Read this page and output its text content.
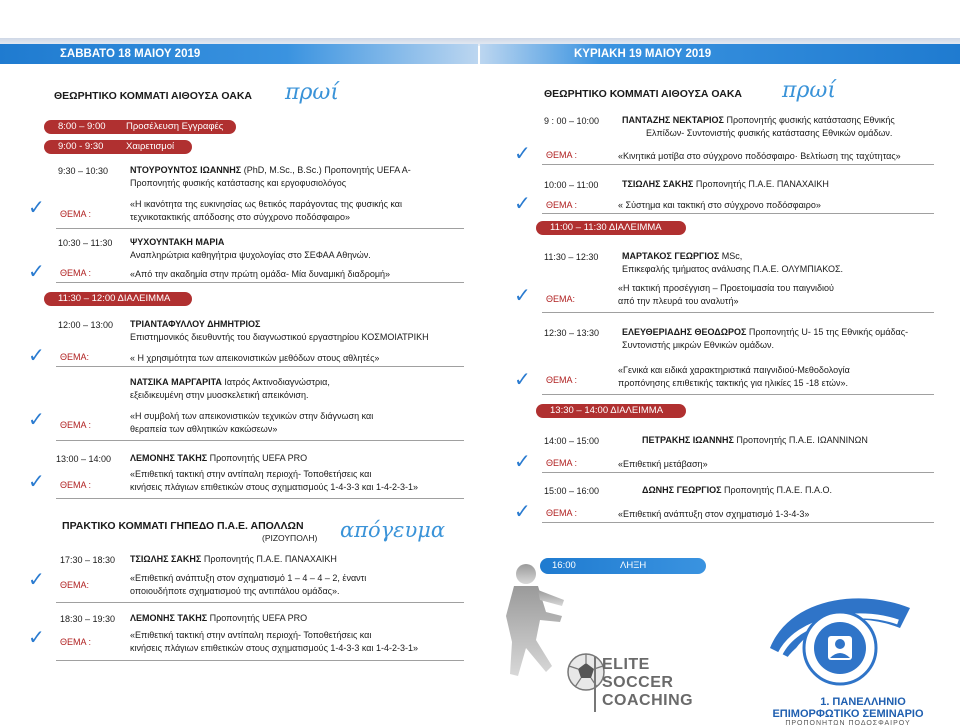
ΣΑΒΒΑΤΟ 18 ΜΑΙΟΥ 2019	ΚΥΡΙΑΚΗ 19 ΜΑΙΟΥ 2019
ΘΕΩΡΗΤΙΚΟ ΚΟΜΜΑΤΙ ΑΙΘΟΥΣΑ ΟΑΚΑ πρωί
8:00 – 9:00 Προσέλευση Εγγραφές
9:00 - 9:30 Χαιρετισμοί
9:30 – 10:30 ΝΤΟΥΡΟΥΝΤΟΣ ΙΩΑΝΝΗΣ (PhD, M.Sc., B.Sc.) Προπονητής UEFA A-
Προπονητής φυσικής κατάστασης και εργοφυσιολόγος
✓ ΘΕΜΑ :
«Η ικανότητα της ευκινησίας ως θετικός παράγοντας της φυσικής και
τεχνικοτακτικής απόδοσης στο σύγχρονο ποδόσφαιρο»
10:30 – 11:30 ΨΥΧΟΥΝΤΑΚΗ ΜΑΡΙΑ
Αναπληρώτρια καθηγήτρια ψυχολογίας στο ΣΕΦΑΑ Αθηνών.
✓ ΘΕΜΑ :	«Από την ακαδημία στην πρώτη ομάδα- Μία δυναμική διαδρομή»
11:30 – 12:00 ΔΙΑΛΕΙΜΜΑ
12:00 – 13:00 ΤΡΙΑΝΤΑΦΥΛΛΟΥ ΔΗΜΗΤΡΙΟΣ
Επιστημονικός διευθυντής του διαγνωστικού εργαστηρίου ΚΟΣΜΟΙΑΤΡΙΚΗ
✓ ΘΕΜΑ:	« Η χρησιμότητα των απεικονιστικών μεθόδων στους αθλητές»
ΝΑΤΣΙΚΑ ΜΑΡΓΑΡΙΤΑ Ιατρός Ακτινοδιαγνώστρια,
εξειδικευμένη στην μυοσκελετική απεικόνιση.
✓ ΘΕΜΑ :
«Η συμβολή των απεικονιστικών τεχνικών στην διάγνωση και
θεραπεία των αθλητικών κακώσεων»
13:00 – 14:00 ΛΕΜΟΝΗΣ ΤΑΚΗΣ Προπονητής UEFA PRO
✓ ΘΕΜΑ :
«Επιθετική τακτική στην αντίπαλη περιοχή- Τοποθετήσεις και
κινήσεις πλάγιων επιθετικών στους σχηματισμούς 1-4-3-3 και 1-4-2-3-1»
ΠΡΑΚΤΙΚΟ ΚΟΜΜΑΤΙ ΓΗΠΕΔΟ Π.Α.Ε. ΑΠΟΛΛΩΝ
(ΡΙΖΟΥΠΟΛΗ) απόγευμα
17:30 – 18:30 ΤΣΙΩΛΗΣ ΣΑΚΗΣ Προπονητής Π.Α.Ε. ΠΑΝΑΧΑΙΚΗ
✓ ΘΕΜΑ:
«Επιθετική ανάπτυξη στον σχηματισμό 1 – 4 – 4 – 2, έναντι
οποιουδήποτε σχηματισμού της αντιπάλου ομάδας».
18:30 – 19:30 ΛΕΜΟΝΗΣ ΤΑΚΗΣ Προπονητής UEFA PRO
✓ ΘΕΜΑ :
«Επιθετική τακτική στην αντίπαλη περιοχή- Τοποθετήσεις και
κινήσεις πλάγιων επιθετικών στους σχηματισμούς 1-4-3-3 και 1-4-2-3-1»
ΘΕΩΡΗΤΙΚΟ ΚΟΜΜΑΤΙ ΑΙΘΟΥΣΑ ΟΑΚΑ πρωί
9 : 00 – 10:00	ΠΑΝΤΑΖΗΣ ΝΕΚΤΑΡΙΟΣ Προπονητής φυσικής κατάστασης Εθνικής
Ελπίδων- Συντονιστής φυσικής κατάστασης Εθνικών ομάδων.
✓ ΘΕΜΑ :	«Κινητικά μοτίβα στο σύγχρονο ποδόσφαιρο· Βελτίωση της ταχύτητας»
10:00 – 11:00	ΤΣΙΩΛΗΣ ΣΑΚΗΣ Προπονητής Π.Α.Ε. ΠΑΝΑΧΑΙΚΗ
✓ ΘΕΜΑ :	« Σύστημα και τακτική στο σύγχρονο ποδόσφαιρο»
11:00 – 11:30 ΔΙΑΛΕΙΜΜΑ
11:30 – 12:30	ΜΑΡΤΑΚΟΣ ΓΕΩΡΓΙΟΣ MSc,
Επικεφαλής τμήματος ανάλυσης Π.Α.Ε. ΟΛΥΜΠΙΑΚΟΣ.
✓ ΘΕΜΑ:
«Η τακτική προσέγγιση – Προετοιμασία του παιγνιδιού
από την πλευρά του αναλυτή»
12:30 – 13:30	ΕΛΕΥΘΕΡΙΑΔΗΣ ΘΕΟΔΩΡΟΣ Προπονητής U- 15 της Εθνικής ομάδας-
Συντονιστής μικρών Εθνικών ομάδων.
✓ ΘΕΜΑ :
«Γενικά και ειδικά χαρακτηριστικά παιγνιδιού-Μεθοδολογία
προπόνησης επιθετικής τακτικής για ηλικίες 15 -18 ετών».
13:30 – 14:00 ΔΙΑΛΕΙΜΜΑ
14:00 – 15:00	ΠΕΤΡΑΚΗΣ ΙΩΑΝΝΗΣ Προπονητής Π.Α.Ε. ΙΩΑΝΝΙΝΩΝ
✓ ΘΕΜΑ :	«Επιθετική μετάβαση»
15:00 – 16:00	ΔΩΝΗΣ ΓΕΩΡΓΙΟΣ Προπονητής Π.Α.Ε. Π.Α.Ο.
✓ ΘΕΜΑ :	«Επιθετική ανάπτυξη στον σχηματισμό 1-3-4-3»
16:00	ΛΗΞΗ ΣΕΜΙΝΑΡΙΟΥ
ELITE
SOCCER
COACHING	1. ΠΑΝΕΛΛΗΝΙΟ
ΕΠΙΜΟΡΦΩΤΙΚΟ ΣΕΜΙΝΑΡΙΟ
ΠΡΟΠΟΝΗΤΩΝ ΠΟΔΟΣΦΑΙΡΟΥ
